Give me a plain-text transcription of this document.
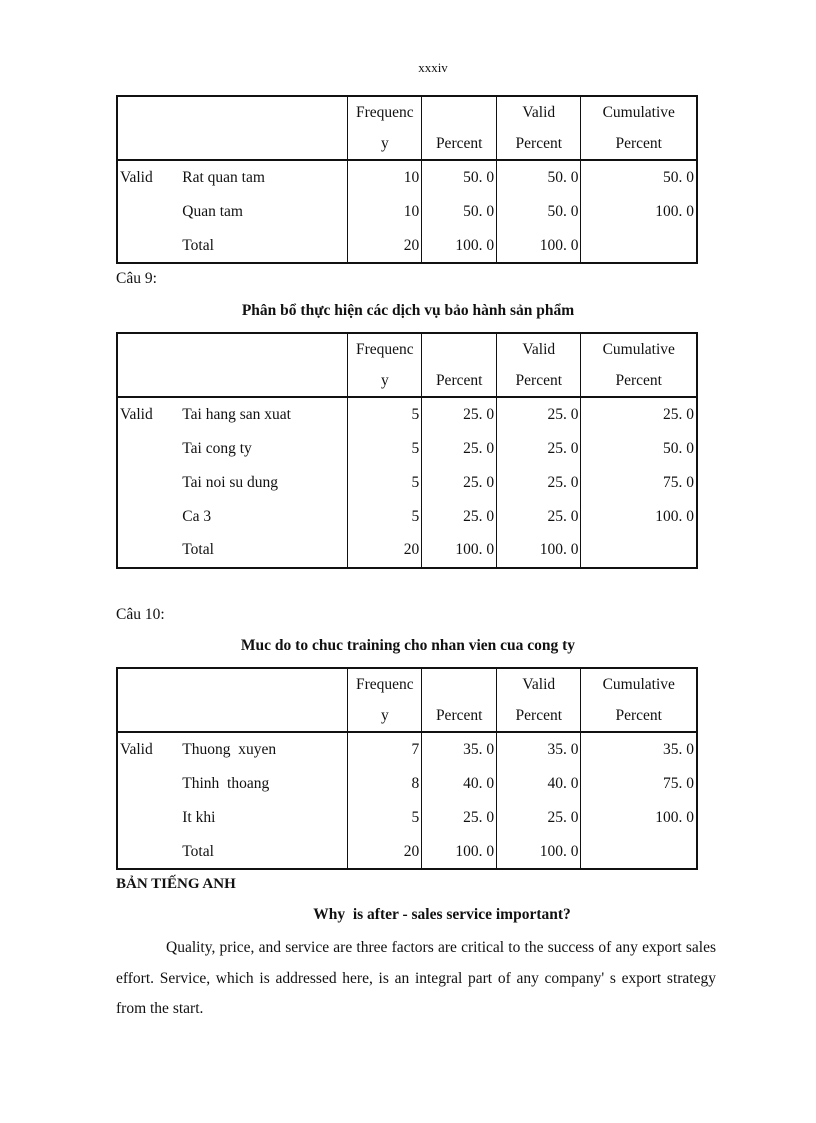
xxxiv
		Frequenc		Valid	Cumulative
		y	Percent	Percent	Percent
Valid	Rat quan tam	10	50. 0	50. 0	50. 0
	Quan tam	10	50. 0	50. 0	100. 0
	Total	20	100. 0	100. 0	
Câu 9:
Phân bổ thực hiện các dịch vụ bảo hành sản phẩm
		Frequenc		Valid	Cumulative
		y	Percent	Percent	Percent
Valid	Tai hang san xuat	5	25. 0	25. 0	25. 0
	Tai cong ty	5	25. 0	25. 0	50. 0
	Tai noi su dung	5	25. 0	25. 0	75. 0
	Ca 3	5	25. 0	25. 0	100. 0
	Total	20	100. 0	100. 0	
Câu 10:
Muc do to chuc training cho nhan vien cua cong ty
		Frequenc		Valid	Cumulative
		y	Percent	Percent	Percent
Valid	Thuong  xuyen	7	35. 0	35. 0	35. 0
	Thinh  thoang	8	40. 0	40. 0	75. 0
	It khi	5	25. 0	25. 0	100. 0
	Total	20	100. 0	100. 0	
BẢN TIẾNG ANH
Why  is after - sales service important?
Quality, price, and service are three factors are critical to the success of any export sales effort. Service, which is addressed here, is an integral part of any company' s export strategy from the start.
